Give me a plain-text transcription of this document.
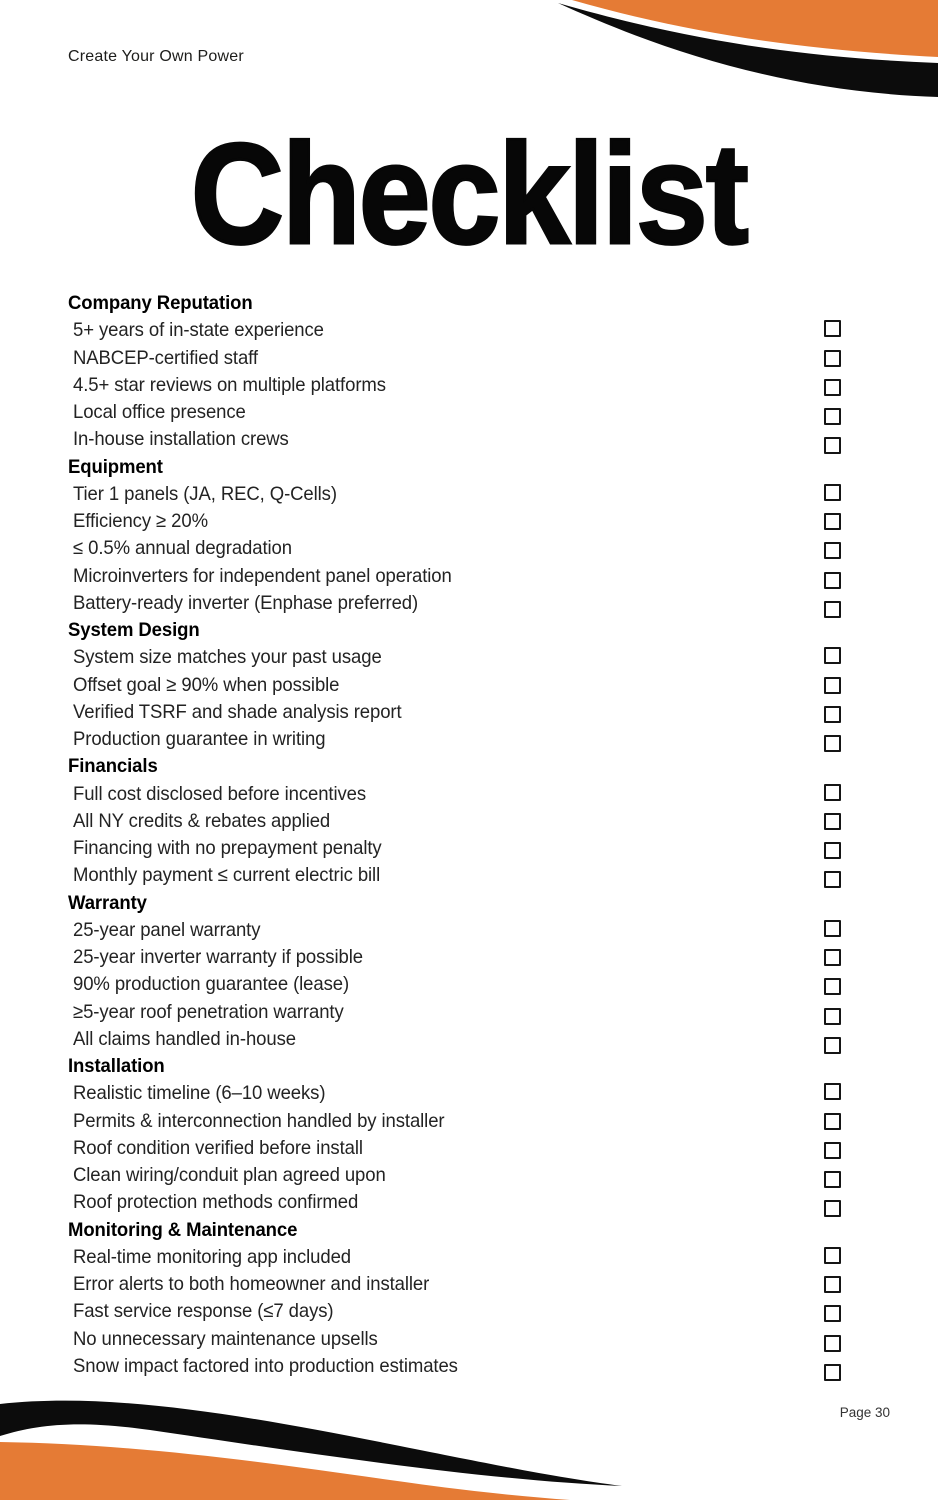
Create Your Own Power
Checklist
Company Reputation
5+ years of in-state experience
NABCEP-certified staff
4.5+ star reviews on multiple platforms
Local office presence
In-house installation crews
Equipment
Tier 1 panels (JA, REC, Q-Cells)
Efficiency ≥ 20%
≤ 0.5% annual degradation
Microinverters for independent panel operation
Battery-ready inverter (Enphase preferred)
System Design
System size matches your past usage
Offset goal ≥ 90% when possible
Verified TSRF and shade analysis report
Production guarantee in writing
Financials
Full cost disclosed before incentives
All NY credits & rebates applied
Financing with no prepayment penalty
Monthly payment ≤ current electric bill
Warranty
25-year panel warranty
25-year inverter warranty if possible
90% production guarantee (lease)
≥5-year roof penetration warranty
All claims handled in-house
Installation
Realistic timeline (6–10 weeks)
Permits & interconnection handled by installer
Roof condition verified before install
Clean wiring/conduit plan agreed upon
Roof protection methods confirmed
Monitoring & Maintenance
Real-time monitoring app included
Error alerts to both homeowner and installer
Fast service response (≤7 days)
No unnecessary maintenance upsells
Snow impact factored into production estimates
Page 30
